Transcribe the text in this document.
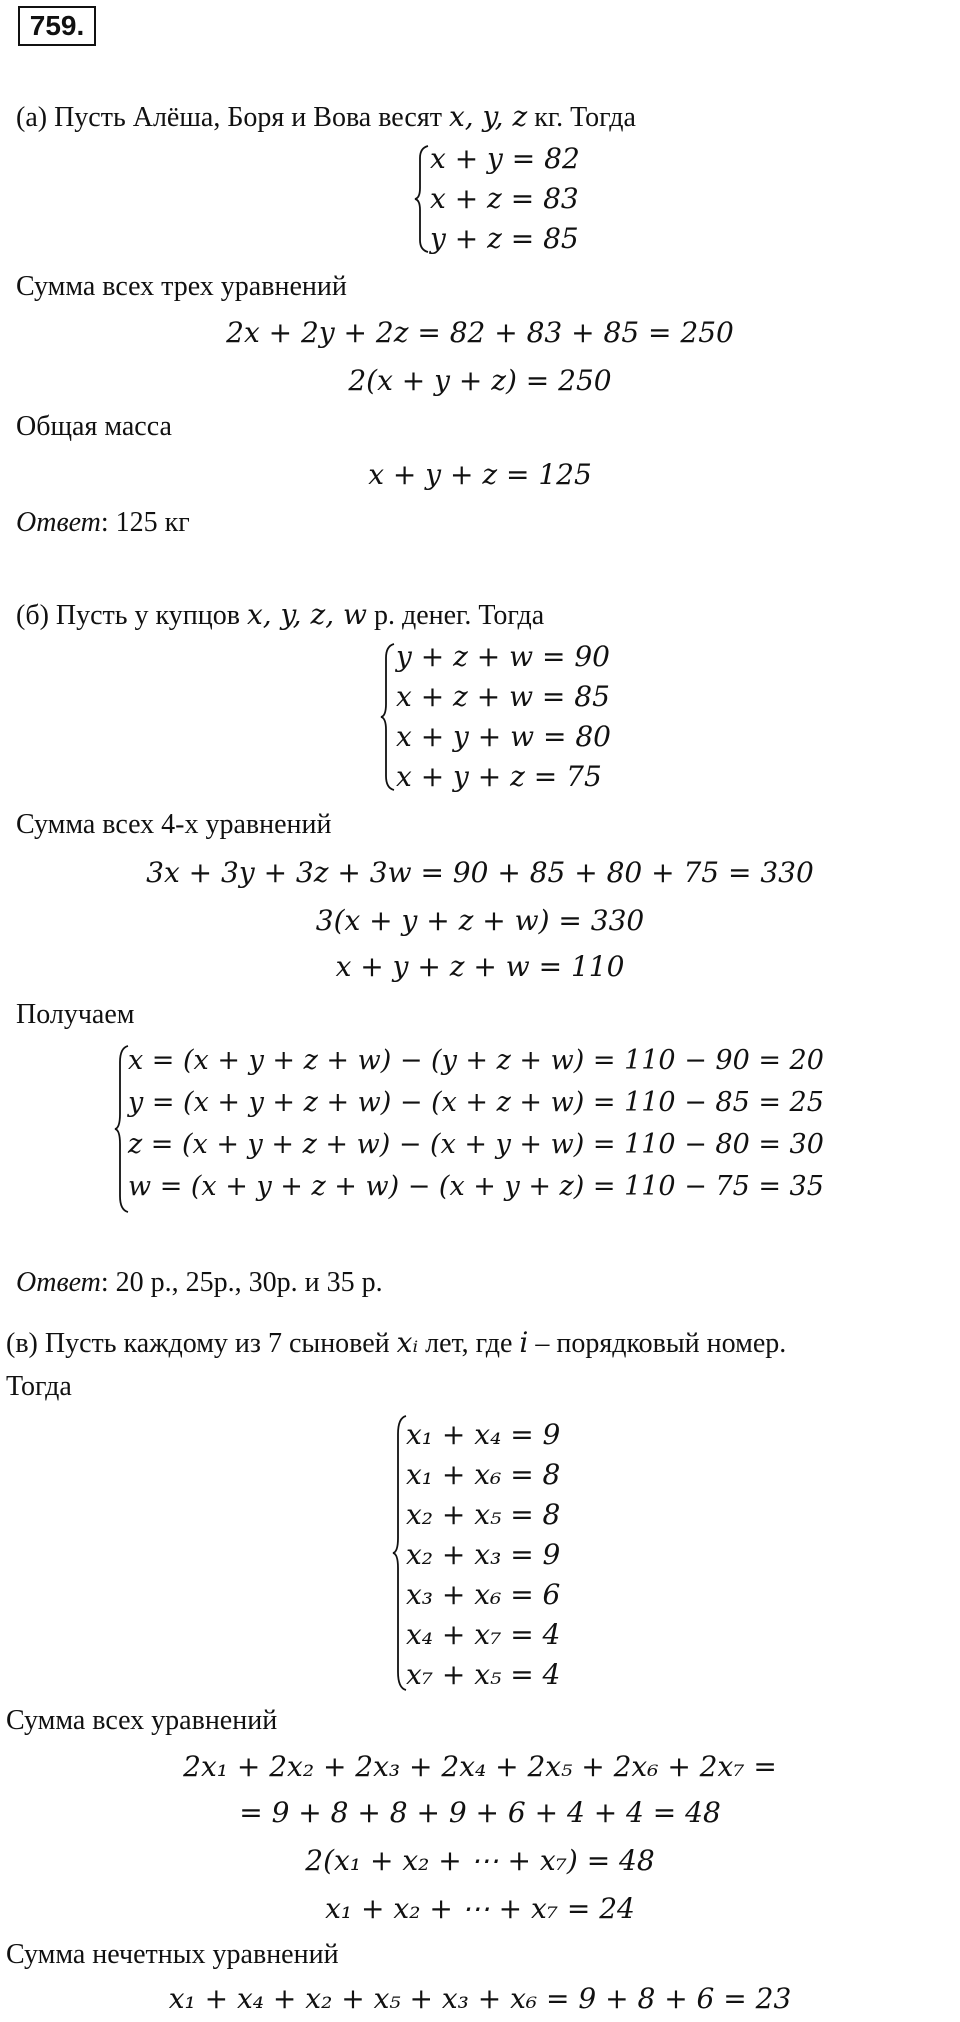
759.
(а) Пусть Алёша, Боря и Вова весят x, y, z кг. Тогда
x + y = 82
x + z = 83
y + z = 85
Сумма всех трех уравнений
2x + 2y + 2z = 82 + 83 + 85 = 250
2(x + y + z) = 250
Общая масса
x + y + z = 125
Ответ: 125 кг
(б) Пусть у купцов x, y, z, w р. денег. Тогда
y + z + w = 90
x + z + w = 85
x + y + w = 80
x + y + z = 75
Сумма всех 4-х уравнений
3x + 3y + 3z + 3w = 90 + 85 + 80 + 75 = 330
3(x + y + z + w) = 330
x + y + z + w = 110
Получаем
x = (x + y + z + w) − (y + z + w) = 110 − 90 = 20
y = (x + y + z + w) − (x + z + w) = 110 − 85 = 25
z = (x + y + z + w) − (x + y + w) = 110 − 80 = 30
w = (x + y + z + w) − (x + y + z) = 110 − 75 = 35
Ответ: 20 р., 25р., 30р. и 35 р.
(в) Пусть каждому из 7 сыновей xᵢ лет, где i – порядковый номер.
Тогда
x₁ + x₄ = 9
x₁ + x₆ = 8
x₂ + x₅ = 8
x₂ + x₃ = 9
x₃ + x₆ = 6
x₄ + x₇ = 4
x₇ + x₅ = 4
Сумма всех уравнений
2x₁ + 2x₂ + 2x₃ + 2x₄ + 2x₅ + 2x₆ + 2x₇ =
= 9 + 8 + 8 + 9 + 6 + 4 + 4 = 48
2(x₁ + x₂ + ⋯ + x₇) = 48
x₁ + x₂ + ⋯ + x₇ = 24
Сумма нечетных уравнений
x₁ + x₄ + x₂ + x₅ + x₃ + x₆ = 9 + 8 + 6 = 23
